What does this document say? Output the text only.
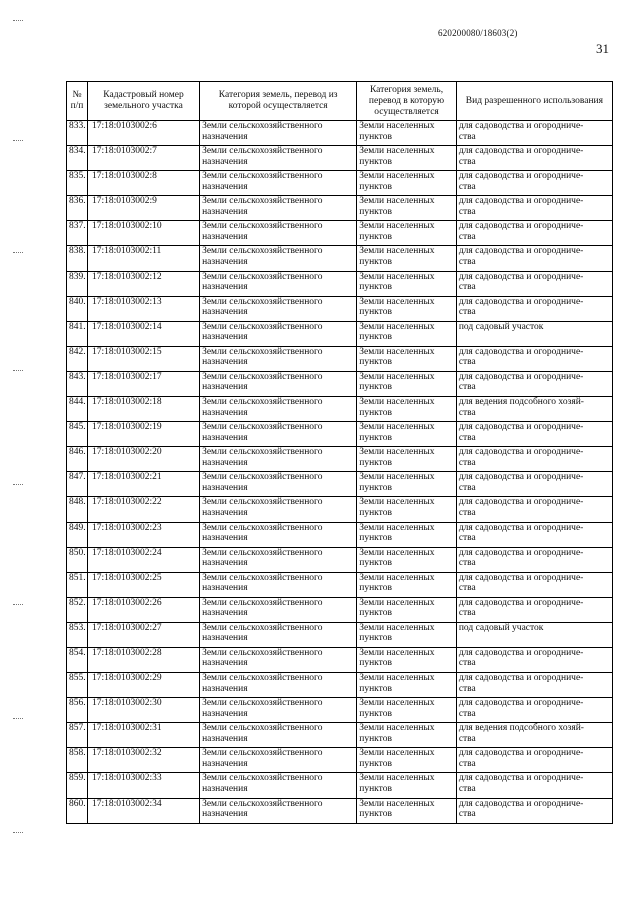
620200080/18603(2)
31
№ п/п	Кадастровый номер земельного участка	Категория земель, перевод из которой осуществляется	Категория земель, перевод в которую осуществляется	Вид разрешенного использования
833.	17:18:0103002:6	Земли сельскохозяйственного
назначения	Земли населенных
пунктов	для садоводства и огородниче-
ства

834.	17:18:0103002:7	Земли сельскохозяйственного
назначения	Земли населенных
пунктов	для садоводства и огородниче-
ства

835.	17:18:0103002:8	Земли сельскохозяйственного
назначения	Земли населенных
пунктов	для садоводства и огородниче-
ства

836.	17:18:0103002:9	Земли сельскохозяйственного
назначения	Земли населенных
пунктов	для садоводства и огородниче-
ства

837.	17:18:0103002:10	Земли сельскохозяйственного
назначения	Земли населенных
пунктов	для садоводства и огородниче-
ства

838.	17:18:0103002:11	Земли сельскохозяйственного
назначения	Земли населенных
пунктов	для садоводства и огородниче-
ства

839.	17:18:0103002:12	Земли сельскохозяйственного
назначения	Земли населенных
пунктов	для садоводства и огородниче-
ства

840.	17:18:0103002:13	Земли сельскохозяйственного
назначения	Земли населенных
пунктов	для садоводства и огородниче-
ства

841.	17:18:0103002:14	Земли сельскохозяйственного
назначения	Земли населенных
пунктов	под садовый участок

842.	17:18:0103002:15	Земли сельскохозяйственного
назначения	Земли населенных
пунктов	для садоводства и огородниче-
ства

843.	17:18:0103002:17	Земли сельскохозяйственного
назначения	Земли населенных
пунктов	для садоводства и огородниче-
ства

844.	17:18:0103002:18	Земли сельскохозяйственного
назначения	Земли населенных
пунктов	для ведения подсобного хозяй-
ства

845.	17:18:0103002:19	Земли сельскохозяйственного
назначения	Земли населенных
пунктов	для садоводства и огородниче-
ства

846.	17:18:0103002:20	Земли сельскохозяйственного
назначения	Земли населенных
пунктов	для садоводства и огородниче-
ства

847.	17:18:0103002:21	Земли сельскохозяйственного
назначения	Земли населенных
пунктов	для садоводства и огородниче-
ства

848.	17:18:0103002:22	Земли сельскохозяйственного
назначения	Земли населенных
пунктов	для садоводства и огородниче-
ства

849.	17:18:0103002:23	Земли сельскохозяйственного
назначения	Земли населенных
пунктов	для садоводства и огородниче-
ства

850.	17:18:0103002:24	Земли сельскохозяйственного
назначения	Земли населенных
пунктов	для садоводства и огородниче-
ства

851.	17:18:0103002:25	Земли сельскохозяйственного
назначения	Земли населенных
пунктов	для садоводства и огородниче-
ства

852.	17:18:0103002:26	Земли сельскохозяйственного
назначения	Земли населенных
пунктов	для садоводства и огородниче-
ства

853.	17:18:0103002:27	Земли сельскохозяйственного
назначения	Земли населенных
пунктов	под садовый участок

854.	17:18:0103002:28	Земли сельскохозяйственного
назначения	Земли населенных
пунктов	для садоводства и огородниче-
ства

855.	17:18:0103002:29	Земли сельскохозяйственного
назначения	Земли населенных
пунктов	для садоводства и огородниче-
ства

856.	17:18:0103002:30	Земли сельскохозяйственного
назначения	Земли населенных
пунктов	для садоводства и огородниче-
ства

857.	17:18:0103002:31	Земли сельскохозяйственного
назначения	Земли населенных
пунктов	для ведения подсобного хозяй-
ства

858.	17:18:0103002:32	Земли сельскохозяйственного
назначения	Земли населенных
пунктов	для садоводства и огородниче-
ства

859.	17:18:0103002:33	Земли сельскохозяйственного
назначения	Земли населенных
пунктов	для садоводства и огородниче-
ства

860.	17:18:0103002:34	Земли сельскохозяйственного
назначения	Земли населенных
пунктов	для садоводства и огородниче-
ства
